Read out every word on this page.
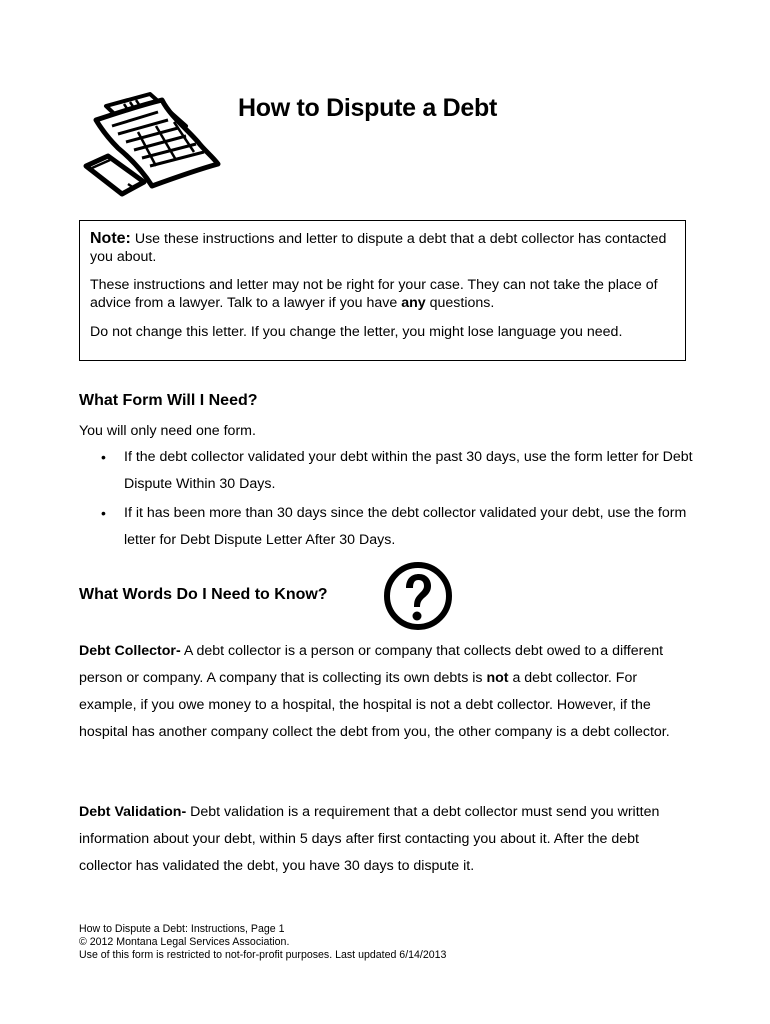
How to Dispute a Debt

Note: Use these instructions and letter to dispute a debt that a debt collector has contacted you about.

These instructions and letter may not be right for your case. They can not take the place of advice from a lawyer. Talk to a lawyer if you have any questions.

Do not change this letter. If you change the letter, you might lose language you need.

What Form Will I Need?

You will only need one form.

• If the debt collector validated your debt within the past 30 days, use the form letter for Debt Dispute Within 30 Days.
• If it has been more than 30 days since the debt collector validated your debt, use the form letter for Debt Dispute Letter After 30 Days.
What Words Do I Need to Know?

Debt Collector- A debt collector is a person or company that collects debt owed to a different person or company. A company that is collecting its own debts is not a debt collector. For example, if you owe money to a hospital, the hospital is not a debt collector. However, if the hospital has another company collect the debt from you, the other company is a debt collector.

Debt Validation- Debt validation is a requirement that a debt collector must send you written information about your debt, within 5 days after first contacting you about it. After the debt collector has validated the debt, you have 30 days to dispute it.

How to Dispute a Debt: Instructions, Page 1
© 2012 Montana Legal Services Association.
Use of this form is restricted to not-for-profit purposes. Last updated 6/14/2013
